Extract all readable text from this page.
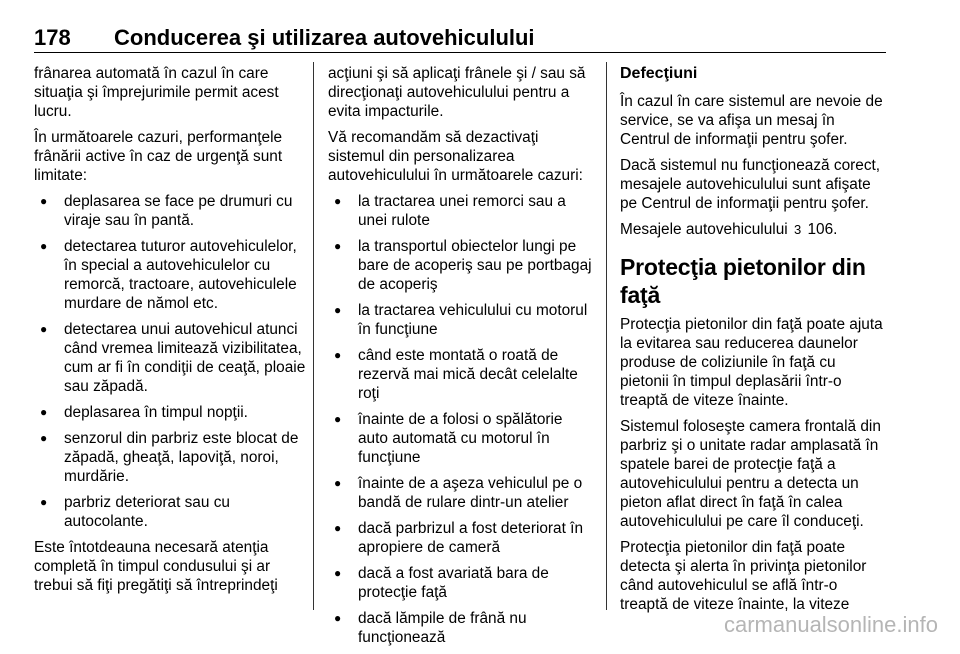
178 Conducerea şi utilizarea autovehiculului

frânarea automată în cazul în care situaţia şi împrejurimile permit acest lucru.

În următoarele cazuri, performanţele frânării active în caz de urgenţă sunt limitate:

● deplasarea se face pe drumuri cu viraje sau în pantă.
● detectarea tuturor autovehiculelor, în special a autovehiculelor cu remorcă, tractoare, autovehiculele murdare de nămol etc.
● detectarea unui autovehicul atunci când vremea limitează vizibilitatea, cum ar fi în condiţii de ceaţă, ploaie sau zăpadă.
● deplasarea în timpul nopţii.
● senzorul din parbriz este blocat de zăpadă, gheaţă, lapoviţă, noroi, murdărie.
● parbriz deteriorat sau cu autocolante.

Este întotdeauna necesară atenţia completă în timpul condusului şi ar trebui să fiţi pregătiţi să întreprindeţi

acţiuni şi să aplicaţi frânele şi / sau să direcţionaţi autovehiculului pentru a evita impacturile.

Vă recomandăm să dezactivaţi sistemul din personalizarea autovehiculului în următoarele cazuri:

● la tractarea unei remorci sau a unei rulote
● la transportul obiectelor lungi pe bare de acoperiş sau pe portbagaj de acoperiş
● la tractarea vehiculului cu motorul în funcţiune
● când este montată o roată de rezervă mai mică decât celelalte roţi
● înainte de a folosi o spălătorie auto automată cu motorul în funcţiune
● înainte de a aşeza vehiculul pe o bandă de rulare dintr-un atelier
● dacă parbrizul a fost deteriorat în apropiere de cameră
● dacă a fost avariată bara de protecţie faţă
● dacă lămpile de frână nu funcţionează
Defecţiuni

În cazul în care sistemul are nevoie de service, se va afişa un mesaj în Centrul de informaţii pentru şofer.

Dacă sistemul nu funcţionează corect, mesajele autovehiculului sunt afişate pe Centrul de informaţii pentru şofer.

Mesajele autovehiculului 3 106.

Protecţia pietonilor din faţă

Protecţia pietonilor din faţă poate ajuta la evitarea sau reducerea daunelor produse de coliziunile în faţă cu pietonii în timpul deplasării într-o treaptă de viteze înainte.

Sistemul foloseşte camera frontală din parbriz şi o unitate radar amplasată în spatele barei de protecţie faţă a autovehiculului pentru a detecta un pieton aflat direct în faţă în calea autovehiculului pe care îl conduceţi.

Protecţia pietonilor din faţă poate detecta şi alerta în privinţa pietonilor când autovehiculul se află într-o treaptă de viteze înainte, la viteze

carmanualsonline.info
